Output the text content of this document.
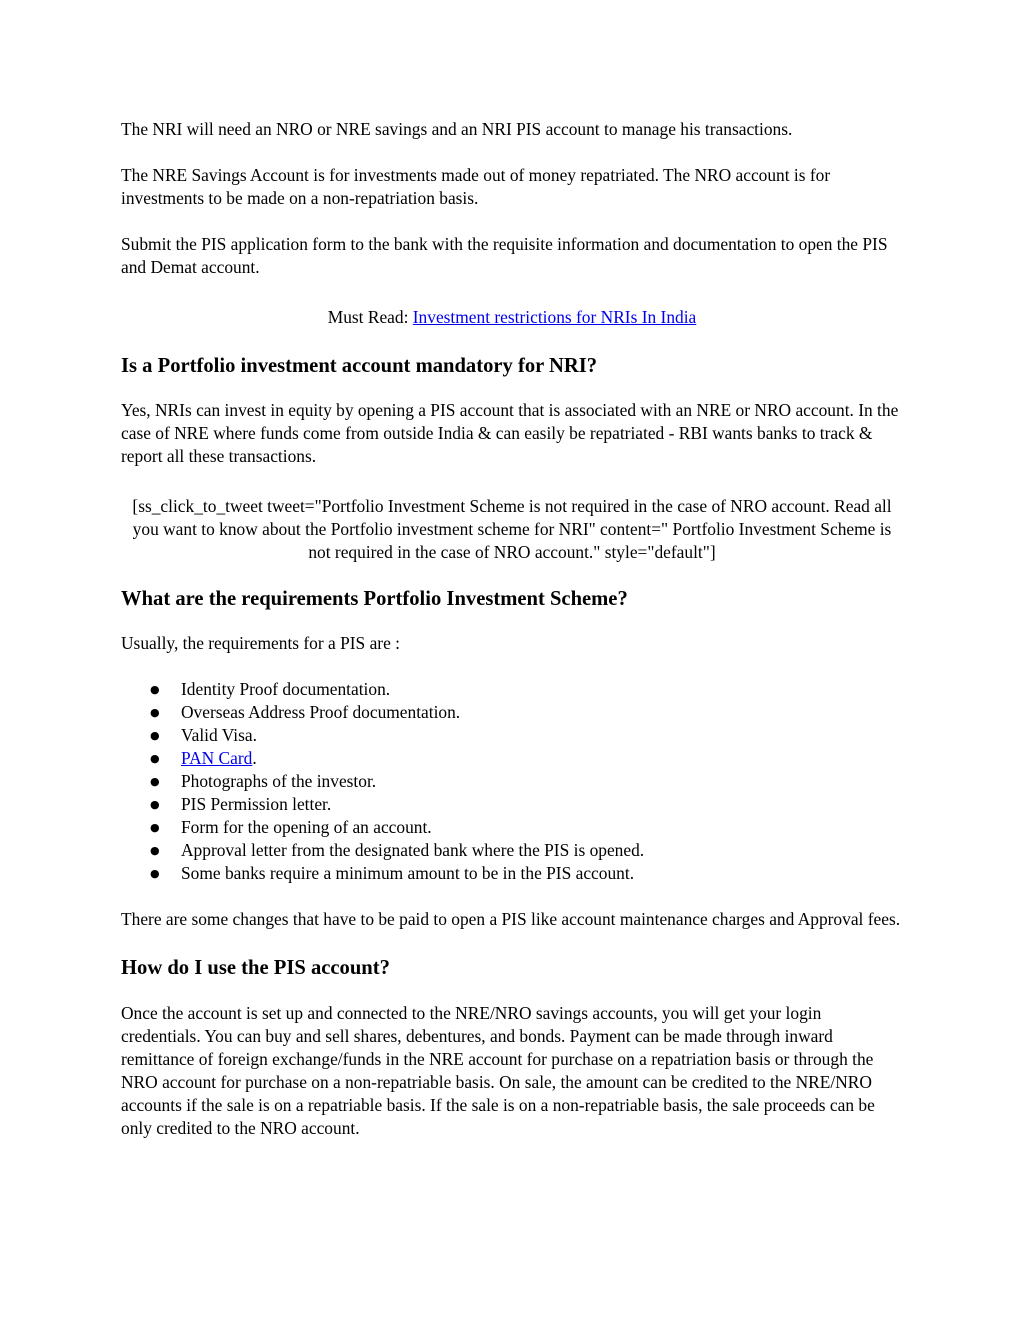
The NRI will need an NRO or NRE savings and an NRI PIS account to manage his transactions.

The NRE Savings Account is for investments made out of money repatriated. The NRO account is for investments to be made on a non-repatriation basis.

Submit the PIS application form to the bank with the requisite information and documentation to open the PIS and Demat account.

Must Read: Investment restrictions for NRIs In India

Is a Portfolio investment account mandatory for NRI?

Yes, NRIs can invest in equity by opening a PIS account that is associated with an NRE or NRO account. In the case of NRE where funds come from outside India & can easily be repatriated - RBI wants banks to track & report all these transactions.

[ss_click_to_tweet tweet="Portfolio Investment Scheme is not required in the case of NRO account. Read all you want to know about the Portfolio investment scheme for NRI" content=" Portfolio Investment Scheme is not required in the case of NRO account." style="default"]

What are the requirements Portfolio Investment Scheme?

Usually, the requirements for a PIS are :

● Identity Proof documentation.
● Overseas Address Proof documentation.
● Valid Visa.
● PAN Card.
● Photographs of the investor.
● PIS Permission letter.
● Form for the opening of an account.
● Approval letter from the designated bank where the PIS is opened.
● Some banks require a minimum amount to be in the PIS account.

There are some changes that have to be paid to open a PIS like account maintenance charges and Approval fees.

How do I use the PIS account?

Once the account is set up and connected to the NRE/NRO savings accounts, you will get your login credentials. You can buy and sell shares, debentures, and bonds. Payment can be made through inward remittance of foreign exchange/funds in the NRE account for purchase on a repatriation basis or through the NRO account for purchase on a non-repatriable basis. On sale, the amount can be credited to the NRE/NRO accounts if the sale is on a repatriable basis. If the sale is on a non-repatriable basis, the sale proceeds can be only credited to the NRO account.
